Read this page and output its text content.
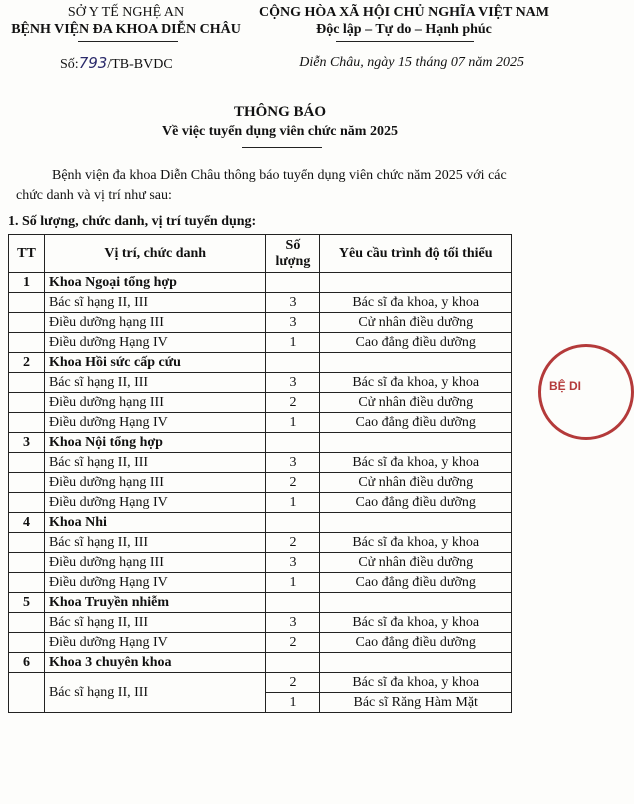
SỞ Y TẾ NGHỆ AN
BỆNH VIỆN ĐA KHOA DIỄN CHÂU
CỘNG HÒA XÃ HỘI CHỦ NGHĨA VIỆT NAM
Độc lập – Tự do – Hạnh phúc
Số:793/TB-BVDC	Diễn Châu, ngày 15 tháng 07 năm 2025
THÔNG BÁO
Về việc tuyển dụng viên chức năm 2025
Bệnh viện đa khoa Diễn Châu thông báo tuyển dụng viên chức năm 2025 với các chức danh và vị trí như sau:
1. Số lượng, chức danh, vị trí tuyển dụng:
TT	Vị trí, chức danh	Số lượng	Yêu cầu trình độ tối thiểu
1	Khoa Ngoại tổng hợp		
	Bác sĩ hạng II, III	3	Bác sĩ đa khoa, y khoa
	Điều dưỡng hạng III	3	Cử nhân điều dưỡng
	Điều dưỡng Hạng IV	1	Cao đẳng điều dưỡng
2	Khoa Hồi sức cấp cứu		
	Bác sĩ hạng II, III	3	Bác sĩ đa khoa, y khoa
	Điều dưỡng hạng III	2	Cử nhân điều dưỡng
	Điều dưỡng Hạng IV	1	Cao đẳng điều dưỡng
3	Khoa Nội tổng hợp		
	Bác sĩ hạng II, III	3	Bác sĩ đa khoa, y khoa
	Điều dưỡng hạng III	2	Cử nhân điều dưỡng
	Điều dưỡng Hạng IV	1	Cao đẳng điều dưỡng
4	Khoa Nhi		
	Bác sĩ hạng II, III	2	Bác sĩ đa khoa, y khoa
	Điều dưỡng hạng III	3	Cử nhân điều dưỡng
	Điều dưỡng Hạng IV	1	Cao đẳng điều dưỡng
5	Khoa Truyền nhiễm		
	Bác sĩ hạng II, III	3	Bác sĩ đa khoa, y khoa
	Điều dưỡng Hạng IV	2	Cao đẳng điều dưỡng
6	Khoa 3 chuyên khoa		
	Bác sĩ hạng II, III	2	Bác sĩ đa khoa, y khoa
		1	Bác sĩ Răng Hàm Mặt
BỆ DI
